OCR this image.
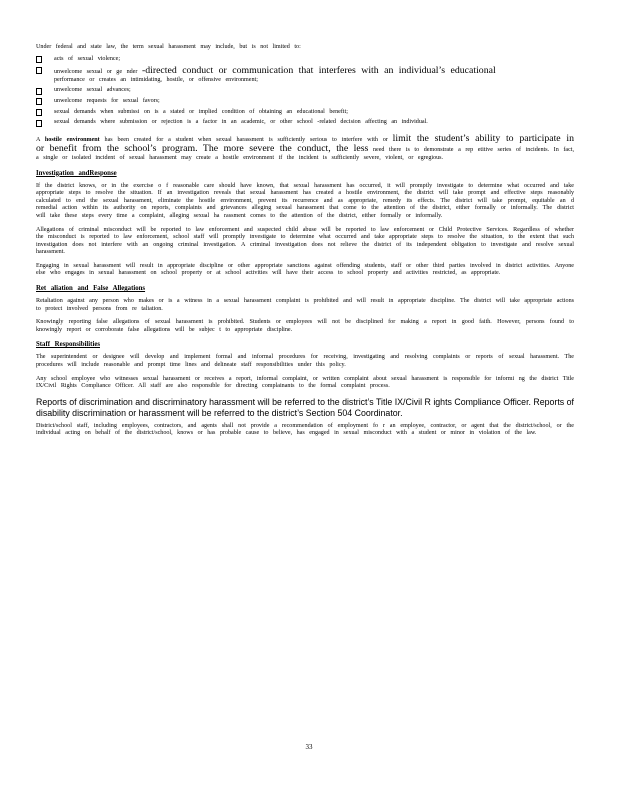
Under federal and state law, the term sexual harassment may include, but is not limited to:

acts of sexual violence;
unwelcome sexual or ge nder -directed conduct or communication that interferes with an individual’s educational
performance or creates an intimidating, hostile, or offensive environment;
unwelcome sexual advances;
unwelcome requests for sexual favors;
sexual demands when submissi on is a stated or implied condition of obtaining an educational benefit;
sexual demands where submission or rejection is a factor in an academic, or other school -related decision affecting an individual.

A hostile environment has been created for a student when sexual harassment is sufficiently serious to interfere with or limit the student’s ability to participate in or benefit from the school’s program. The more severe the conduct, the less need there is to demonstrate a rep etitive series of incidents. In fact, a single or isolated incident of sexual harassment may create a hostile environment if the incident is sufficiently severe, violent, or egregious.

Investigation andResponse

If the district knows, or in the exercise o f reasonable care should have known, that sexual harassment has occurred, it will promptly investigate to determine what occurred and take appropriate steps to resolve the situation. If an investigation reveals that sexual harassment has created a hostile environment, the district will take prompt and effective steps reasonably calculated to end the sexual harassment, eliminate the hostile environment, prevent its recurrence and as appropriate, remedy its effects. The district will take prompt, equitable an d remedial action within its authority on reports, complaints and grievances alleging sexual harassment that come to the attention of the district, either formally or informally. The district will take these steps every time a complaint, alleging sexual ha rassment comes to the attention of the district, either formally or informally.

Allegations of criminal misconduct will be reported to law enforcement and suspected child abuse will be reported to law enforcement or Child Protective Services. Regardless of whether the misconduct is reported to law enforcement, school staff will promptly investigate to determine what occurred and take appropriate steps to resolve the situation, to the extent that such investigation does not interfere with an ongoing criminal investigation. A criminal investigation does not relieve the district of its independent obligation to investigate and resolve sexual harassment.

Engaging in sexual harassment will result in appropriate discipline or other appropriate sanctions against offending students, staff or other third parties involved in district activities. Anyone else who engages in sexual harassment on school property or at school activities will have their access to school property and activities restricted, as appropriate.

Ret aliation and False Allegations

Retaliation against any person who makes or is a witness in a sexual harassment complaint is prohibited and will result in appropriate discipline. The district will take appropriate actions to protect involved persons from re taliation.

Knowingly reporting false allegations of sexual harassment is prohibited. Students or employees will not be disciplined for making a report in good faith. However, persons found to knowingly report or corroborate false allegations will be subjec t to appropriate discipline.

Staff Responsibilities

The superintendent or designee will develop and implement formal and informal procedures for receiving, investigating and resolving complaints or reports of sexual harassment. The procedures will include reasonable and prompt time lines and delineate staff responsibilities under this policy.

Any school employee who witnesses sexual harassment or receives a report, informal complaint, or written complaint about sexual harassment is responsible for informi ng the district Title IX/Civil Rights Compliance Officer. All staff are also responsible for directing complainants to the formal complaint process.

Reports of discrimination and discriminatory harassment will be referred to the district’s Title IX/Civil R ights Compliance Officer. Reports of disability discrimination or harassment will be referred to the district’s Section 504 Coordinator.

District/school staff, including employees, contractors, and agents shall not provide a recommendation of employment fo r an employee, contractor, or agent that the district/school, or the individual acting on behalf of the district/school, knows or has probable cause to believe, has engaged in sexual misconduct with a student or minor in violation of the law.

33
